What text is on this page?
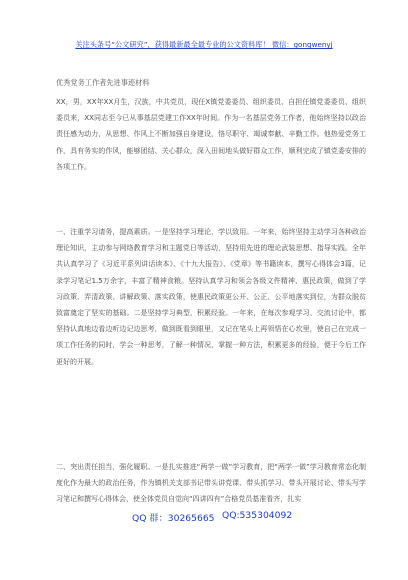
关注头条号“公文研究”，获得最新最全最专业的公文资料库！ 微信：gongwenyj
优秀党务工作者先进事迹材料
XX，男，XX年XX月生，汉族，中共党员，现任X镇党委委员、组织委员、自担任镇党委委员、组织委员来，XX同志至今已从事基层党建工作XX年时间。作为一名基层党务工作者，他始终坚持以政治责任感为动力，从思想、作风上不断加强自身建设，恪尽职守、竭诚奉献、辛勤工作。他热爱党务工作，具有务实的作风，能够团结、关心群众，深入田间地头做好群众工作，顺利完成了镇党委安排的各项工作。
一、注重学习请务，提高素质。一是坚持学习理论，学以致用。一年来，始终坚持主动学习各种政治理论知识，主动参与网络教育学习和主题党日等活动，坚持用先进的理论武装思想、指导实践。全年共认真学习了《习近平系列讲话读本》、《十九大报告》、《党章》等书籍读本，撰写心得体会3篇，记录学习笔记1.5万余字，丰富了精神食粮。坚持认真学习和领会各级文件精神、惠民政策，做到了学习政策、弄清政策、讲解政策、落实政策，使惠民政策更公开、公正、公平地落实到位，为群众脱贫致富奠定了坚实的基础。二是坚持学习典型，积累经验。一年来，在每次参观学习、交流讨论中，都坚持认真地边看边听边记边思考，做到既看到眼里，又记在笔头上再领悟在心坎里，使自己在完成一项工作任务的同时，学会一种思考，了解一种情况，掌握一种方法，积累更多的经验，便于今后工作更好的开展。
二、突出责任担当，强化履职。一是扎实推进“两学一做”学习教育，把“两学一做”学习教育常态化制度化作为最大的政治任务，作为镇机关支部书记带头讲党课、带头抓学习、带头开展讨论、带头写学习笔记和撰写心得体会，使全体党员自觉向“四讲四有”合格党员基准看齐，扎实
QQ 群：30265665 QQ:535304092
